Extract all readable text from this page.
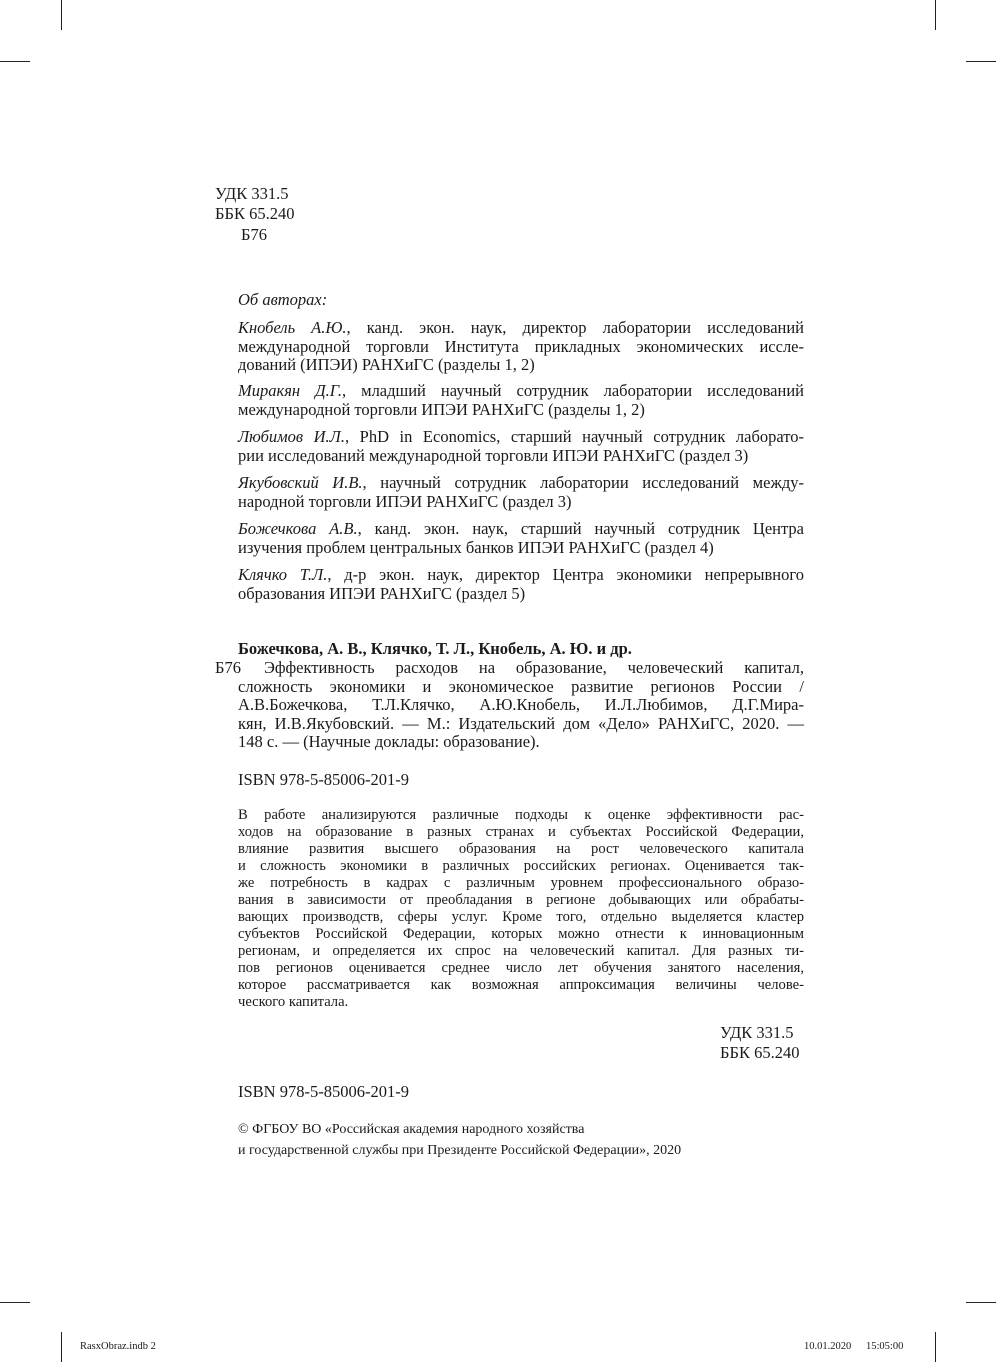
УДК 331.5
ББК 65.240
Б76
Об авторах:
Кнобель А.Ю., канд. экон. наук, директор лаборатории исследований
международной торговли Института прикладных экономических иссле-
дований (ИПЭИ) РАНХиГС (разделы 1, 2)
Миракян Д.Г., младший научный сотрудник лаборатории исследований
международной торговли ИПЭИ РАНХиГС (разделы 1, 2)
Любимов И.Л., PhD in Economics, старший научный сотрудник лаборато-
рии исследований международной торговли ИПЭИ РАНХиГС (раздел 3)
Якубовский И.В., научный сотрудник лаборатории исследований между-
народной торговли ИПЭИ РАНХиГС (раздел 3)
Божечкова А.В., канд. экон. наук, старший научный сотрудник Центра
изучения проблем центральных банков ИПЭИ РАНХиГС (раздел 4)
Клячко Т.Л., д-р экон. наук, директор Центра экономики непрерывного
образования ИПЭИ РАНХиГС (раздел 5)
Божечкова, А. В., Клячко, Т. Л., Кнобель, А. Ю. и др.
Б76	Эффективность расходов на образование, человеческий капитал,
сложность экономики и экономическое развитие регионов России /
А.В.Божечкова, Т.Л.Клячко, А.Ю.Кнобель, И.Л.Любимов, Д.Г.Мира-
кян, И.В.Якубовский. — М.: Издательский дом «Дело» РАНХиГС, 2020. —
148 с. — (Научные доклады: образование).
ISBN 978-5-85006-201-9
В работе анализируются различные подходы к оценке эффективности рас-
ходов на образование в разных странах и субъектах Российской Федерации,
влияние развития высшего образования на рост человеческого капитала
и сложность экономики в различных российских регионах. Оценивается так-
же потребность в кадрах с различным уровнем профессионального образо-
вания в зависимости от преобладания в регионе добывающих или обрабаты-
вающих производств, сферы услуг. Кроме того, отдельно выделяется кластер
субъектов Российской Федерации, которых можно отнести к инновационным
регионам, и определяется их спрос на человеческий капитал. Для разных ти-
пов регионов оценивается среднее число лет обучения занятого населения,
которое рассматривается как возможная аппроксимация величины челове-
ческого капитала.
УДК 331.5
ББК 65.240
ISBN 978-5-85006-201-9
© ФГБОУ ВО «Российская академия народного хозяйства
и государственной службы при Президенте Российской Федерации», 2020
RasxObraz.indb 2	10.01.2020 15:05:00
